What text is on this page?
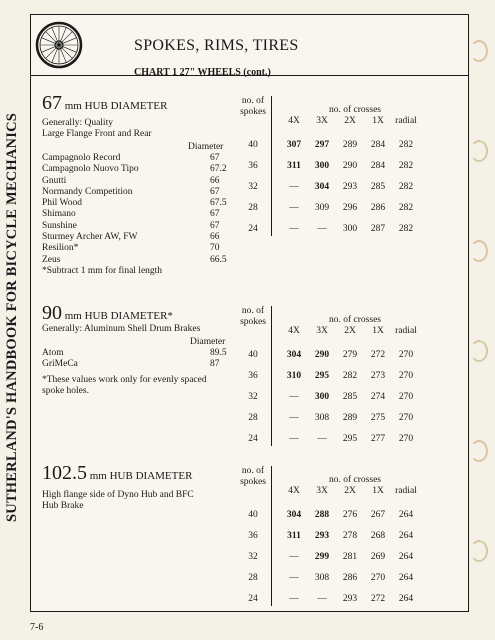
SPOKES, RIMS, TIRES
CHART 1 27" WHEELS (cont.)
SUTHERLAND'S HANDBOOK FOR BICYCLE MECHANICS
67 mm HUB DIAMETER
Generally: Quality
Large Flange Front and Rear
Diameter
Campagnolo Record	67
Campagnolo Nuovo Tipo	67.2
Gnutti	66
Normandy Competition	67
Phil Wood	67.5
Shimano	67
Sunshine	67
Sturmey Archer AW, FW	66
Resilion*	70
Zeus	66.5
*Subtract 1 mm for final length
no. of
spokes	no. of crosses
4X	3X	2X	1X	radial
40	307	297	289	284	282
36	311	300	290	284	282
32	—	304	293	285	282
28	—	309	296	286	282
24	—	—	300	287	282
90 mm HUB DIAMETER*
Generally: Aluminum Shell Drum Brakes
Diameter
Atom	89.5
GriMeCa	87
*These values work only for evenly spaced
spoke holes.
no. of
spokes	no. of crosses
4X	3X	2X	1X	radial
40	304	290	279	272	270
36	310	295	282	273	270
32	—	300	285	274	270
28	—	308	289	275	270
24	—	—	295	277	270
102.5 mm HUB DIAMETER
High flange side of Dyno Hub and BFC
Hub Brake
no. of
spokes	no. of crosses
4X	3X	2X	1X	radial
40	304	288	276	267	264
36	311	293	278	268	264
32	—	299	281	269	264
28	—	308	286	270	264
24	—	—	293	272	264
7-6
